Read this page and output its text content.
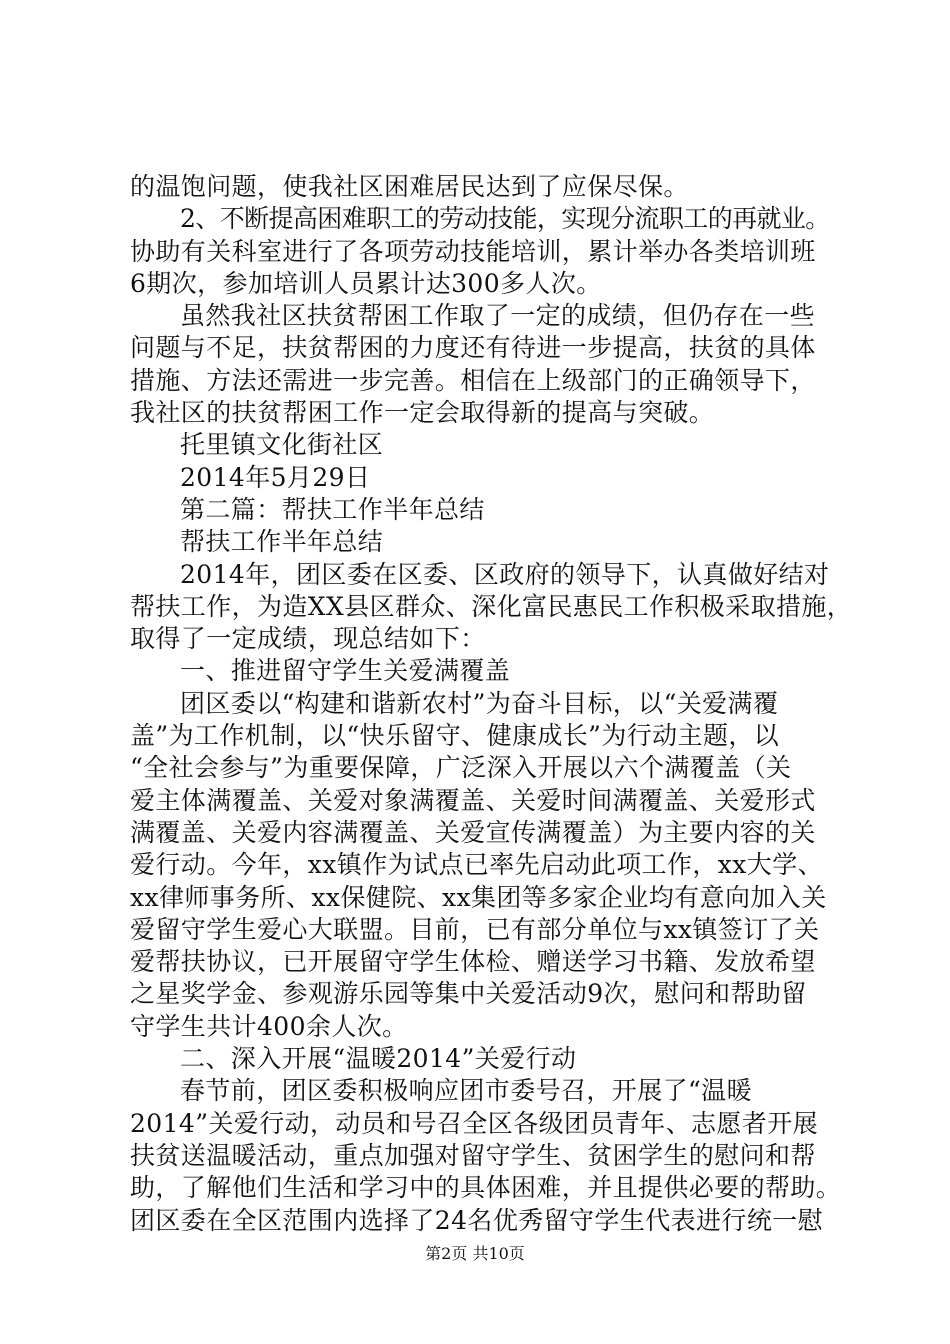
的温饱问题，使我社区困难居民达到了应保尽保。
2、不断提高困难职工的劳动技能，实现分流职工的再就业。
协助有关科室进行了各项劳动技能培训，累计举办各类培训班
6期次，参加培训人员累计达300多人次。
虽然我社区扶贫帮困工作取了一定的成绩，但仍存在一些
问题与不足，扶贫帮困的力度还有待进一步提高，扶贫的具体
措施、方法还需进一步完善。相信在上级部门的正确领导下，
我社区的扶贫帮困工作一定会取得新的提高与突破。
托里镇文化街社区
2014年5月29日
第二篇：帮扶工作半年总结
帮扶工作半年总结
2014年，团区委在区委、区政府的领导下，认真做好结对
帮扶工作，为造XX县区群众、深化富民惠民工作积极采取措施，
取得了一定成绩，现总结如下：
一、推进留守学生关爱满覆盖
团区委以“构建和谐新农村”为奋斗目标，以“关爱满覆
盖”为工作机制，以“快乐留守、健康成长”为行动主题，以
“全社会参与”为重要保障，广泛深入开展以六个满覆盖（关
爱主体满覆盖、关爱对象满覆盖、关爱时间满覆盖、关爱形式
满覆盖、关爱内容满覆盖、关爱宣传满覆盖）为主要内容的关
爱行动。今年，xx镇作为试点已率先启动此项工作，xx大学、
xx律师事务所、xx保健院、xx集团等多家企业均有意向加入关
爱留守学生爱心大联盟。目前，已有部分单位与xx镇签订了关
爱帮扶协议，已开展留守学生体检、赠送学习书籍、发放希望
之星奖学金、参观游乐园等集中关爱活动9次，慰问和帮助留
守学生共计400余人次。
二、深入开展“温暖2014”关爱行动
春节前，团区委积极响应团市委号召，开展了“温暖
2014”关爱行动，动员和号召全区各级团员青年、志愿者开展
扶贫送温暖活动，重点加强对留守学生、贫困学生的慰问和帮
助，了解他们生活和学习中的具体困难，并且提供必要的帮助。
团区委在全区范围内选择了24名优秀留守学生代表进行统一慰
第2页 共10页
